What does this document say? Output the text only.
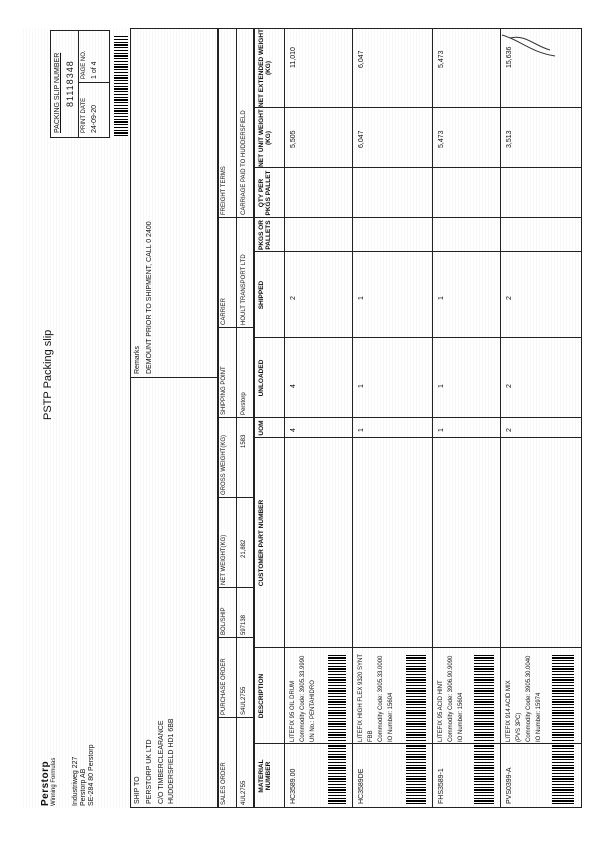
PSTP Packing slip
Perstorp Winning Formulas Industriweg 227 Perstorp AB SE-284 80 Perstorp
PACKING SLIP NUMBER 81118348
PRINT DATE
PAGE NO.
24-09-20
1 of 4
SHIP TO PERSTORP UK LTD C/O TIMBERCLEARANCE HUDDERSFIELD HD1 6BB
Remarks DEMOUNT PRIOR TO SHIPMENT, CALL 0 2400
SALES ORDER
PURCHASE ORDER
BOL/SHIP
NET WEIGHT(KG)
GROSS WEIGHT(KG)
SHIPPING POINT
CARRIER
FREIGHT TERMS
4UL2755
S4UL2755
597138
21,882
1583
Perstorp
HOULT TRANSPORT LTD
CARRIAGE PAID TO HUDDERSFIELD
MATERIAL NUMBER
DESCRIPTION
CUSTOMER PART NUMBER
UOM
UNLOADED
SHIPPED
PKGS OR PALLETS
QTY PER PKGS PALLET
NET UNIT WEIGHT (KG)
NET EXTENDED WEIGHT (KG)
HC3589.00
LITEFIX 95 OIL DRUM Commodity Code: 3905.33.9990 UN No.: PENTAHIDRO
4
4
2
5,505
11,010
HC3589DE
LITEFIX HIGH FLEX 9320 SYNT FBB Commodity Code: 3905.33.0000 IO Number: 15604
1
1
1
6,047
6,047
FHS3589-1
LITEFIX 95 ACID HINT Commodity Code: 3906.90.9090 IO Number: 15604
1
1
1
5,473
5,473
PVS0399-A
LITEFIX 914 ACID MIX (PVS 3PC) Commodity Code: 3905.30.0040 IO Number: 15974
2
2
2
3,513
15,636
